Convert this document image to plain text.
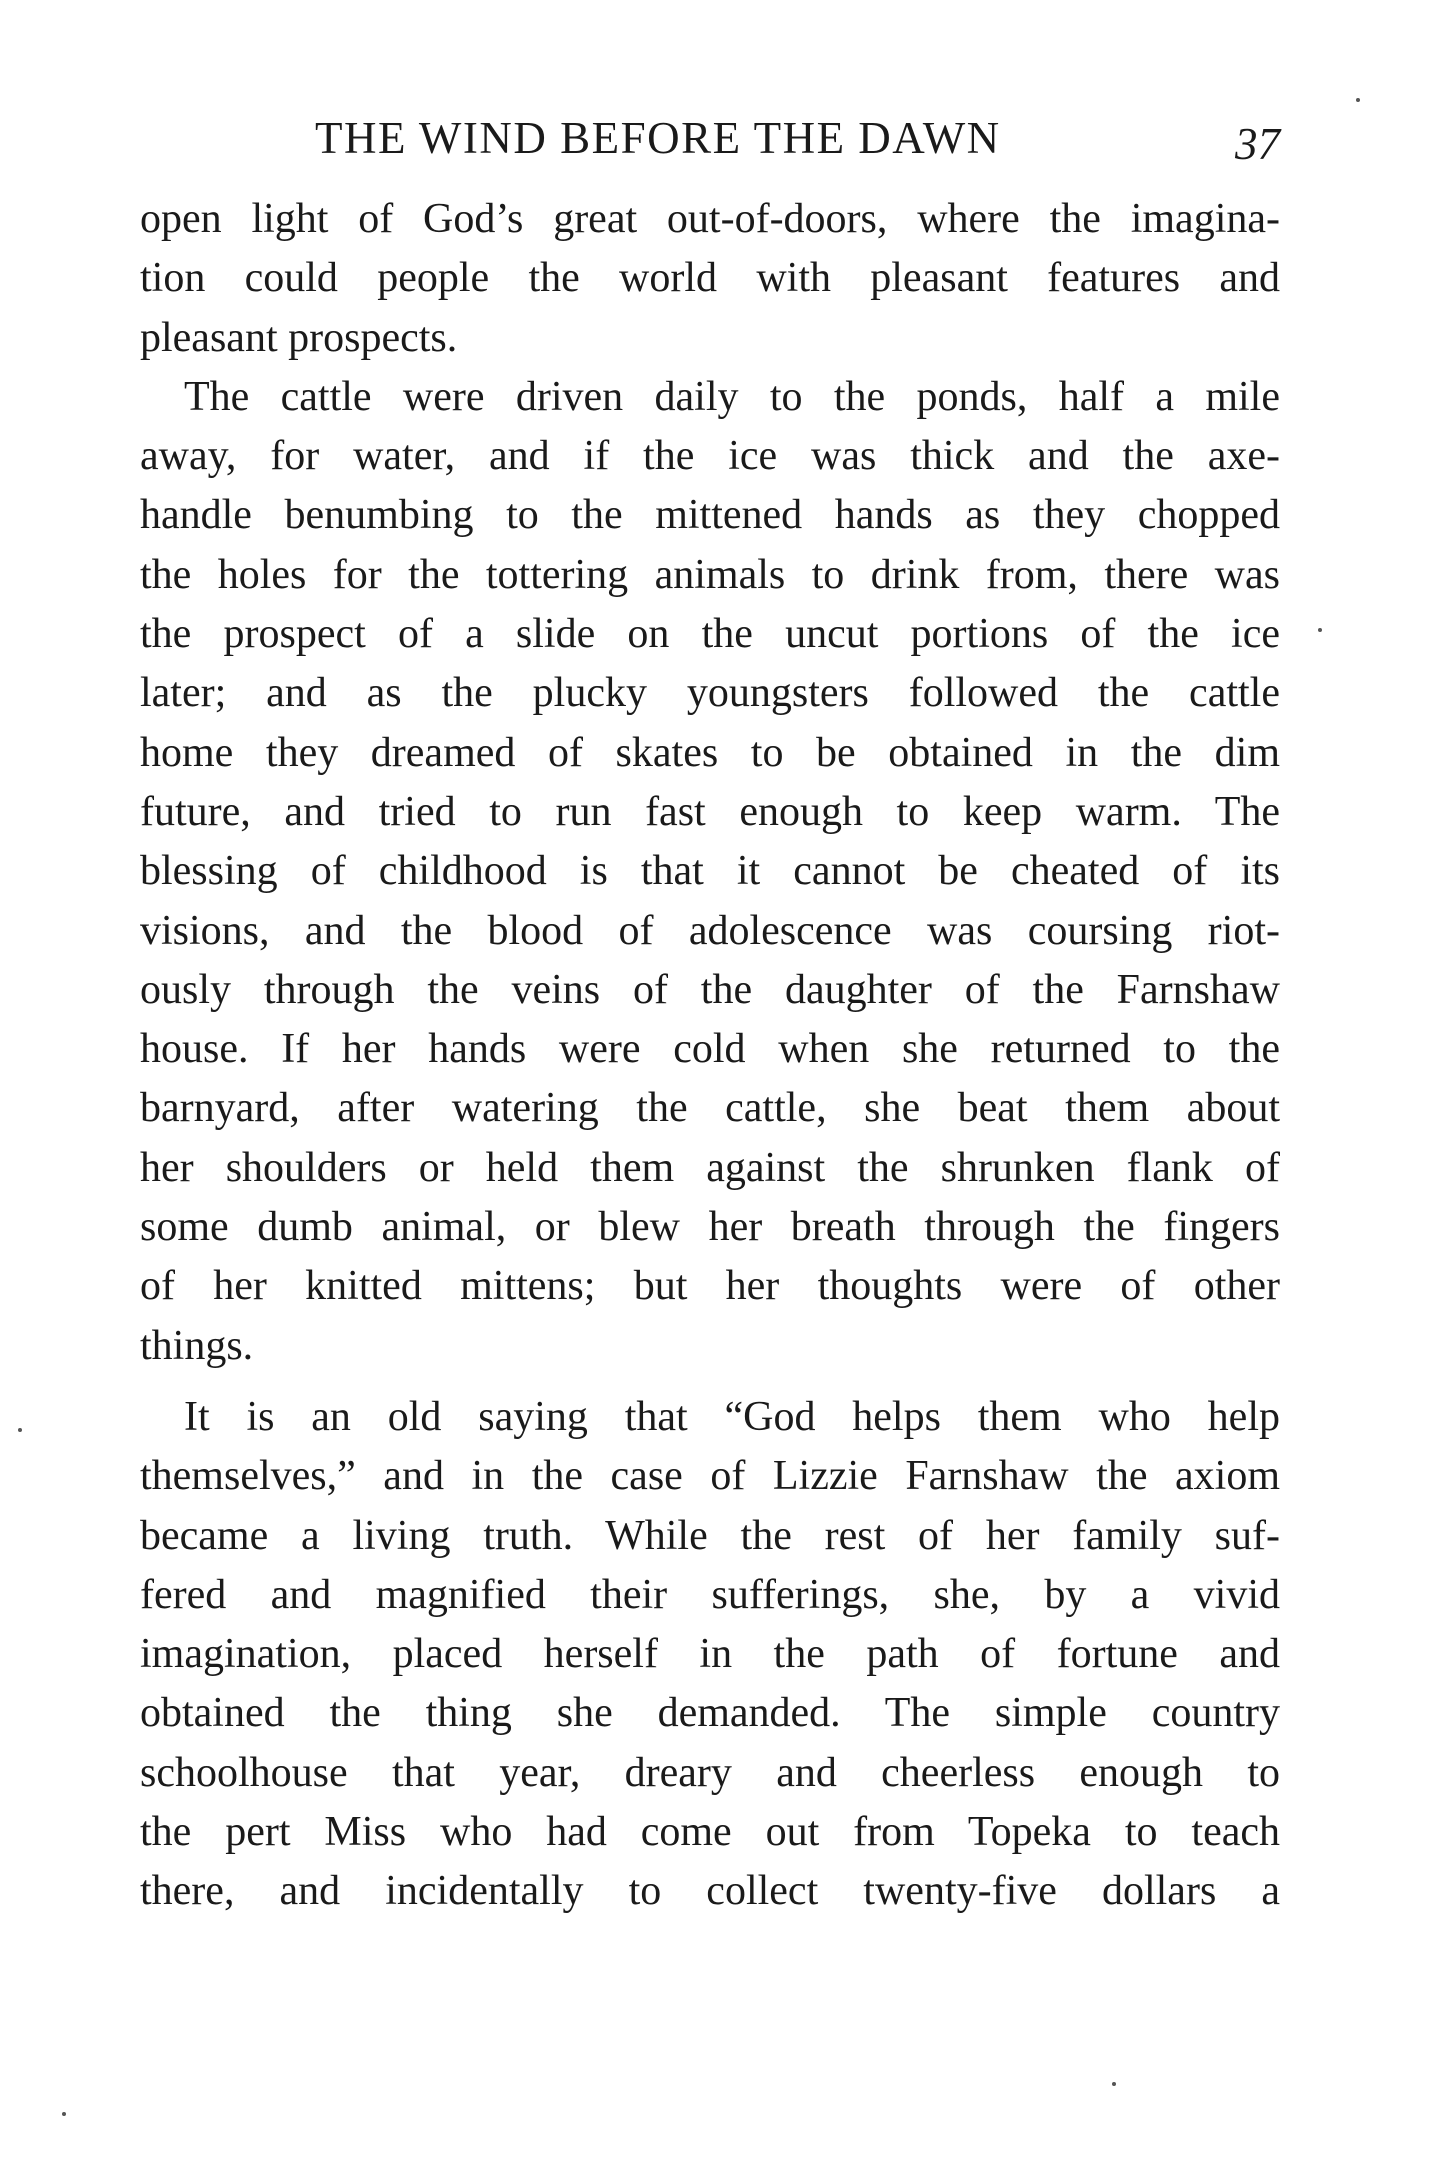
THE WIND BEFORE THE DAWN	37
open light of God’s great out-of-doors, where the imagina-
tion could people the world with pleasant features and
pleasant prospects.
The cattle were driven daily to the ponds, half a mile
away, for water, and if the ice was thick and the axe-
handle benumbing to the mittened hands as they chopped
the holes for the tottering animals to drink from, there was
the prospect of a slide on the uncut portions of the ice
later; and as the plucky youngsters followed the cattle
home they dreamed of skates to be obtained in the dim
future, and tried to run fast enough to keep warm. The
blessing of childhood is that it cannot be cheated of its
visions, and the blood of adolescence was coursing riot-
ously through the veins of the daughter of the Farnshaw
house. If her hands were cold when she returned to the
barnyard, after watering the cattle, she beat them about
her shoulders or held them against the shrunken flank of
some dumb animal, or blew her breath through the fingers
of her knitted mittens; but her thoughts were of other
things.
It is an old saying that “God helps them who help
themselves,” and in the case of Lizzie Farnshaw the axiom
became a living truth. While the rest of her family suf-
fered and magnified their sufferings, she, by a vivid
imagination, placed herself in the path of fortune and
obtained the thing she demanded. The simple country
schoolhouse that year, dreary and cheerless enough to
the pert Miss who had come out from Topeka to teach
there, and incidentally to collect twenty-five dollars a
